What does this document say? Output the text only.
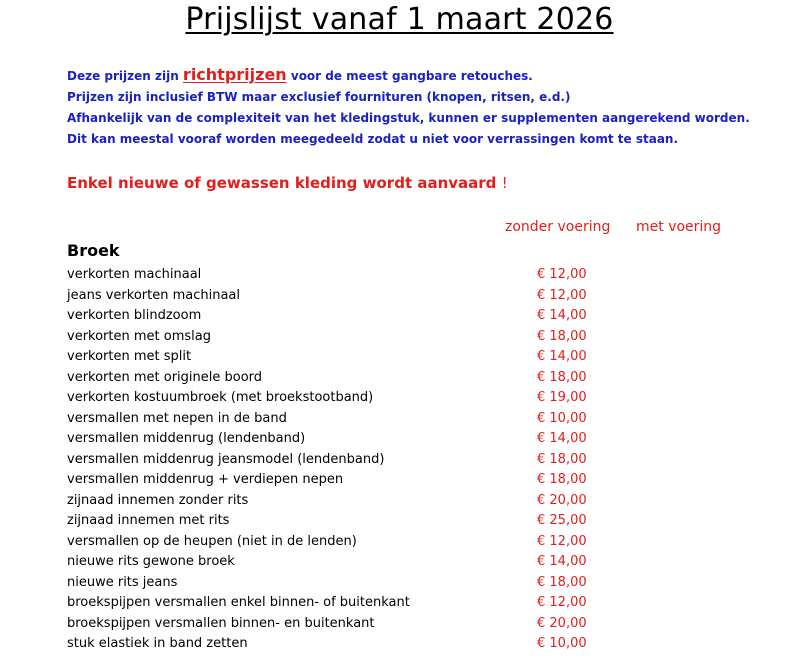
Prijslijst vanaf 1 maart 2026
Deze prijzen zijn richtprijzen voor de meest gangbare retouches.
Prijzen zijn inclusief BTW maar exclusief fournituren (knopen, ritsen, e.d.)
Afhankelijk van de complexiteit van het kledingstuk, kunnen er supplementen aangerekend worden.
Dit kan meestal vooraf worden meegedeeld zodat u niet voor verrassingen komt te staan.
Enkel nieuwe of gewassen kleding wordt aanvaard !
zonder voering met voering
Broek
verkorten machinaal	€ 12,00
jeans verkorten machinaal	€ 12,00
verkorten blindzoom	€ 14,00
verkorten met omslag	€ 18,00
verkorten met split	€ 14,00
verkorten met originele boord	€ 18,00
verkorten kostuumbroek (met broekstootband)	€ 19,00
versmallen met nepen in de band	€ 10,00
versmallen middenrug (lendenband)	€ 14,00
versmallen middenrug jeansmodel (lendenband)	€ 18,00
versmallen middenrug + verdiepen nepen	€ 18,00
zijnaad innemen zonder rits	€ 20,00
zijnaad innemen met rits	€ 25,00
versmallen op de heupen (niet in de lenden)	€ 12,00
nieuwe rits gewone broek	€ 14,00
nieuwe rits jeans	€ 18,00
broekspijpen versmallen enkel binnen- of buitenkant	€ 12,00
broekspijpen versmallen binnen- en buitenkant	€ 20,00
stuk elastiek in band zetten	€ 10,00
